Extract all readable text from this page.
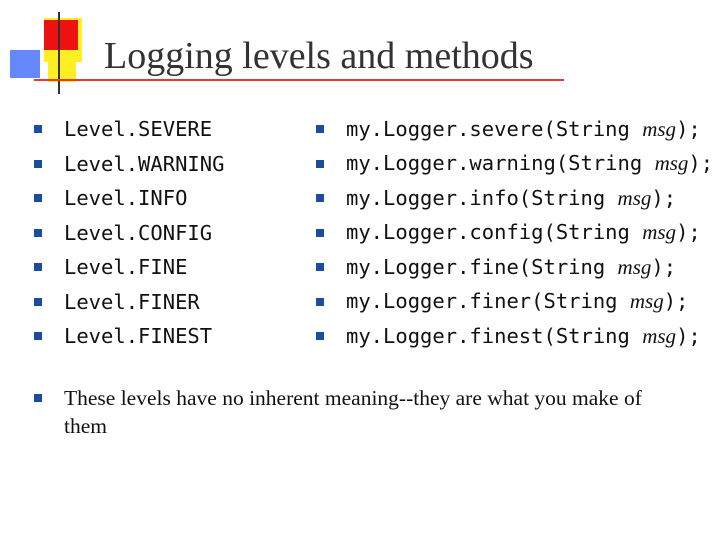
Logging levels and methods
Level.SEVERE
Level.WARNING
Level.INFO
Level.CONFIG
Level.FINE
Level.FINER
Level.FINEST
my.Logger.severe(String msg);
my.Logger.warning(String msg);
my.Logger.info(String msg);
my.Logger.config(String msg);
my.Logger.fine(String msg);
my.Logger.finer(String msg);
my.Logger.finest(String msg);
These levels have no inherent meaning--they are what you make of them
